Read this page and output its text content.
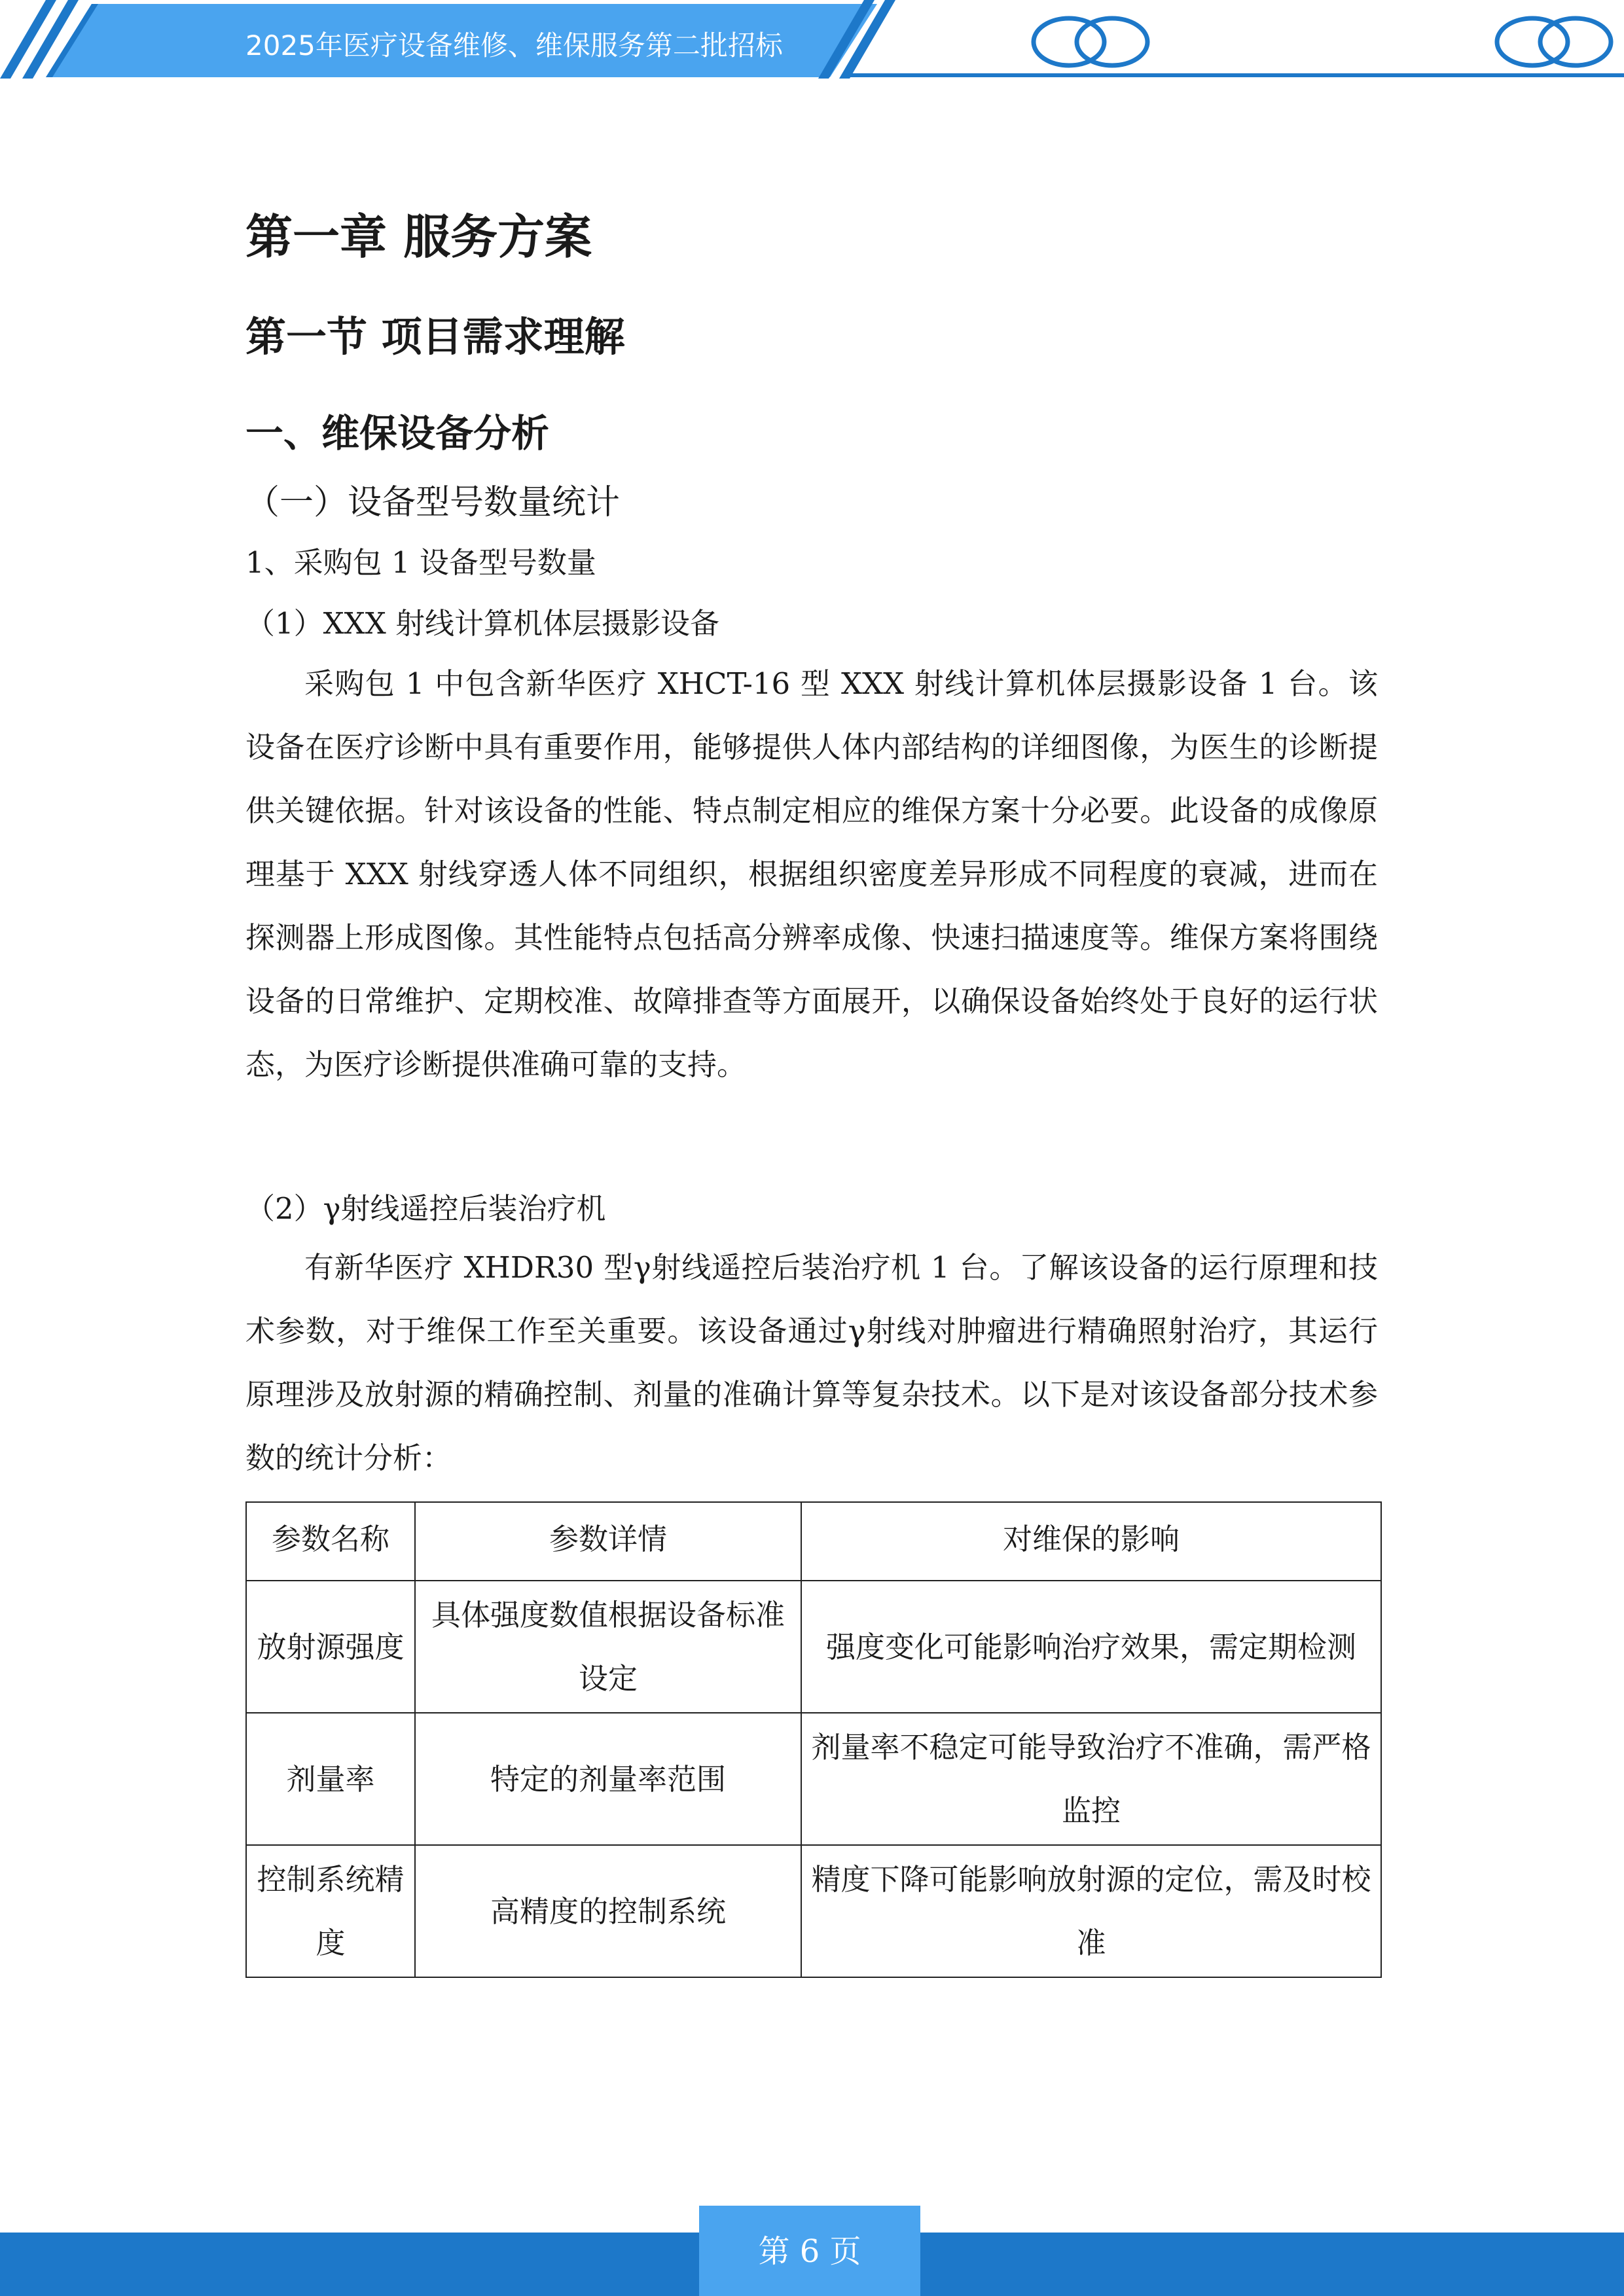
2025年医疗设备维修、维保服务第二批招标
第一章 服务方案
第一节 项目需求理解
一、维保设备分析
（一）设备型号数量统计
1、采购包 1 设备型号数量
（1）XXX 射线计算机体层摄影设备

采购包 1 中包含新华医疗 XHCT-16 型 XXX 射线计算机体层摄影设备 1 台。该设备在医疗诊断中具有重要作用，能够提供人体内部结构的详细图像，为医生的诊断提供关键依据。针对该设备的性能、特点制定相应的维保方案十分必要。此设备的成像原理基于 XXX 射线穿透人体不同组织，根据组织密度差异形成不同程度的衰减，进而在探测器上形成图像。其性能特点包括高分辨率成像、快速扫描速度等。维保方案将围绕设备的日常维护、定期校准、故障排查等方面展开，以确保设备始终处于良好的运行状态，为医疗诊断提供准确可靠的支持。

（2）γ射线遥控后装治疗机

有新华医疗 XHDR30 型γ射线遥控后装治疗机 1 台。了解该设备的运行原理和技术参数，对于维保工作至关重要。该设备通过γ射线对肿瘤进行精确照射治疗，其运行原理涉及放射源的精确控制、剂量的准确计算等复杂技术。以下是对该设备部分技术参数的统计分析：

参数名称	参数详情	对维保的影响
放射源强度	具体强度数值根据设备标准设定	强度变化可能影响治疗效果，需定期检测
剂量率	特定的剂量率范围	剂量率不稳定可能导致治疗不准确，需严格监控
控制系统精度	高精度的控制系统	精度下降可能影响放射源的定位，需及时校准
第 6 页
